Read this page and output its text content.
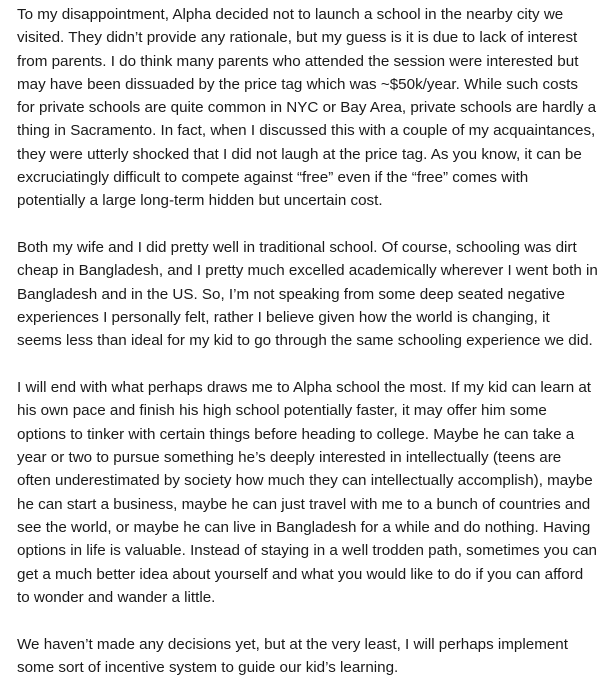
To my disappointment, Alpha decided not to launch a school in the nearby city we visited. They didn’t provide any rationale, but my guess is it is due to lack of interest from parents. I do think many parents who attended the session were interested but may have been dissuaded by the price tag which was ~$50k/year. While such costs for private schools are quite common in NYC or Bay Area, private schools are hardly a thing in Sacramento. In fact, when I discussed this with a couple of my acquaintances, they were utterly shocked that I did not laugh at the price tag. As you know, it can be excruciatingly difficult to compete against “free” even if the “free” comes with potentially a large long-term hidden but uncertain cost.

Both my wife and I did pretty well in traditional school. Of course, schooling was dirt cheap in Bangladesh, and I pretty much excelled academically wherever I went both in Bangladesh and in the US. So, I’m not speaking from some deep seated negative experiences I personally felt, rather I believe given how the world is changing, it seems less than ideal for my kid to go through the same schooling experience we did.

I will end with what perhaps draws me to Alpha school the most. If my kid can learn at his own pace and finish his high school potentially faster, it may offer him some options to tinker with certain things before heading to college. Maybe he can take a year or two to pursue something he’s deeply interested in intellectually (teens are often underestimated by society how much they can intellectually accomplish), maybe he can start a business, maybe he can just travel with me to a bunch of countries and see the world, or maybe he can live in Bangladesh for a while and do nothing. Having options in life is valuable. Instead of staying in a well trodden path, sometimes you can get a much better idea about yourself and what you would like to do if you can afford to wonder and wander a little.

We haven’t made any decisions yet, but at the very least, I will perhaps implement some sort of incentive system to guide our kid’s learning.
